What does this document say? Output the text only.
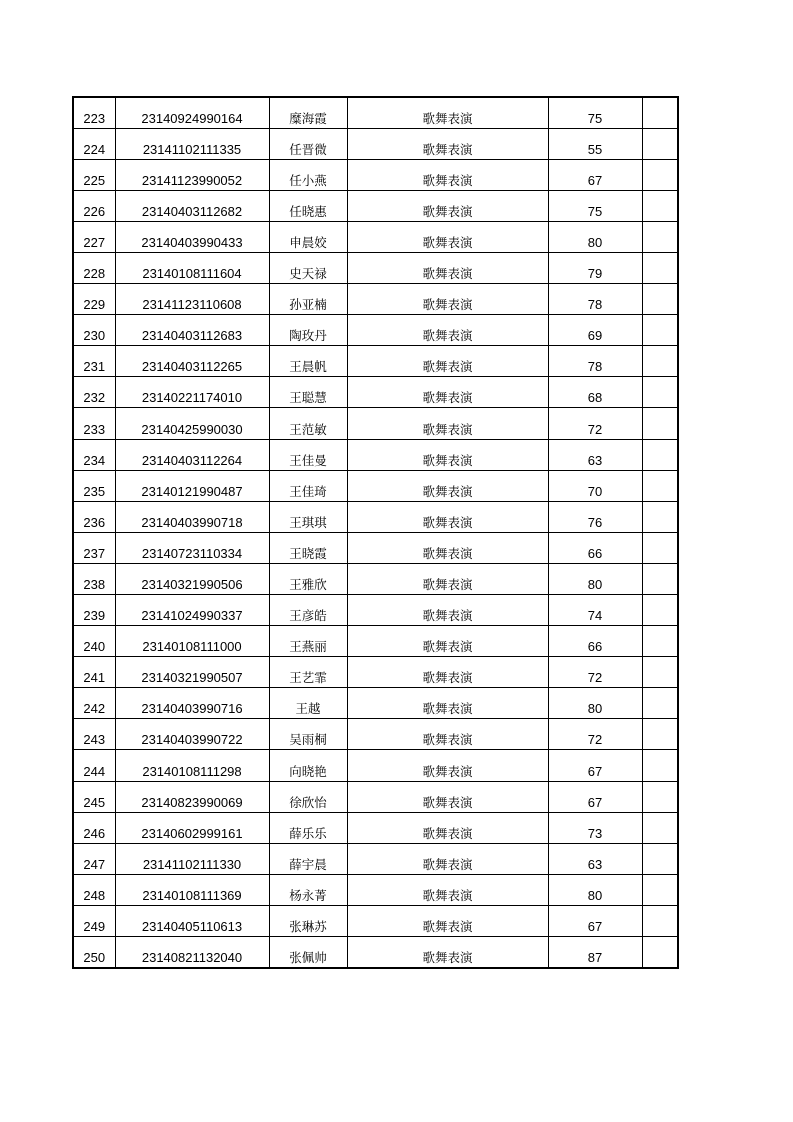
223	23140924990164	糜海霞	歌舞表演	75	
224	23141102111335	任晋微	歌舞表演	55	
225	23141123990052	任小燕	歌舞表演	67	
226	23140403112682	任晓惠	歌舞表演	75	
227	23140403990433	申晨姣	歌舞表演	80	
228	23140108111604	史天禄	歌舞表演	79	
229	23141123110608	孙亚楠	歌舞表演	78	
230	23140403112683	陶玫丹	歌舞表演	69	
231	23140403112265	王晨帆	歌舞表演	78	
232	23140221174010	王聪慧	歌舞表演	68	
233	23140425990030	王范敏	歌舞表演	72	
234	23140403112264	王佳曼	歌舞表演	63	
235	23140121990487	王佳琦	歌舞表演	70	
236	23140403990718	王琪琪	歌舞表演	76	
237	23140723110334	王晓霞	歌舞表演	66	
238	23140321990506	王雅欣	歌舞表演	80	
239	23141024990337	王彦皓	歌舞表演	74	
240	23140108111000	王燕丽	歌舞表演	66	
241	23140321990507	王艺霏	歌舞表演	72	
242	23140403990716	王越	歌舞表演	80	
243	23140403990722	吴雨桐	歌舞表演	72	
244	23140108111298	向晓艳	歌舞表演	67	
245	23140823990069	徐欣怡	歌舞表演	67	
246	23140602999161	薛乐乐	歌舞表演	73	
247	23141102111330	薛宇晨	歌舞表演	63	
248	23140108111369	杨永菁	歌舞表演	80	
249	23140405110613	张琳苏	歌舞表演	67	
250	23140821132040	张佩帅	歌舞表演	87	
